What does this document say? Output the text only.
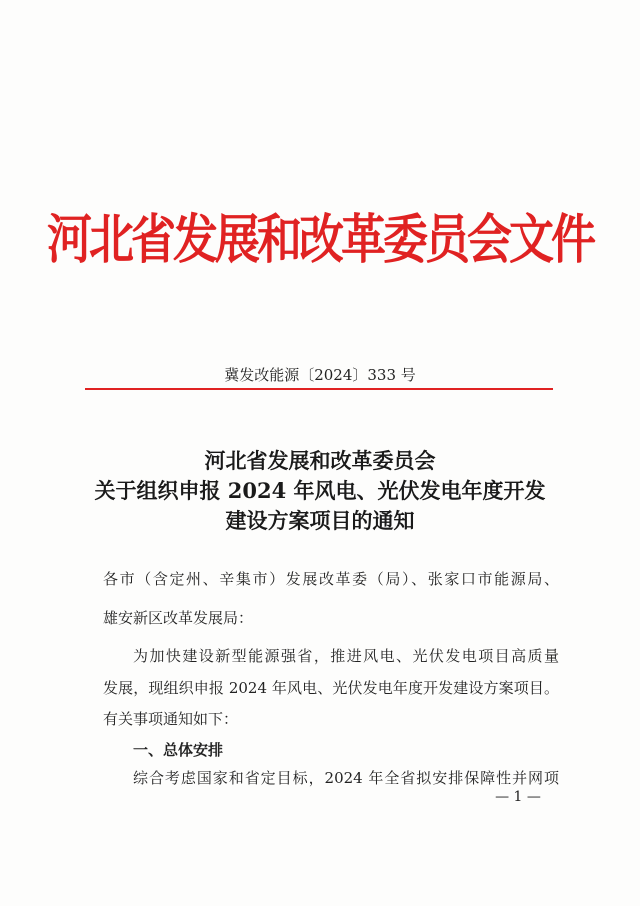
河北省发展和改革委员会文件
冀发改能源〔2024〕333 号
河北省发展和改革委员会
关于组织申报 2024 年风电、光伏发电年度开发
建设方案项目的通知
各市（含定州、辛集市）发展改革委（局）、张家口市能源局、
雄安新区改革发展局：
为加快建设新型能源强省，推进风电、光伏发电项目高质量
发展，现组织申报 2024 年风电、光伏发电年度开发建设方案项目。
有关事项通知如下：
一、总体安排
综合考虑国家和省定目标，2024 年全省拟安排保障性并网项
— 1 —
